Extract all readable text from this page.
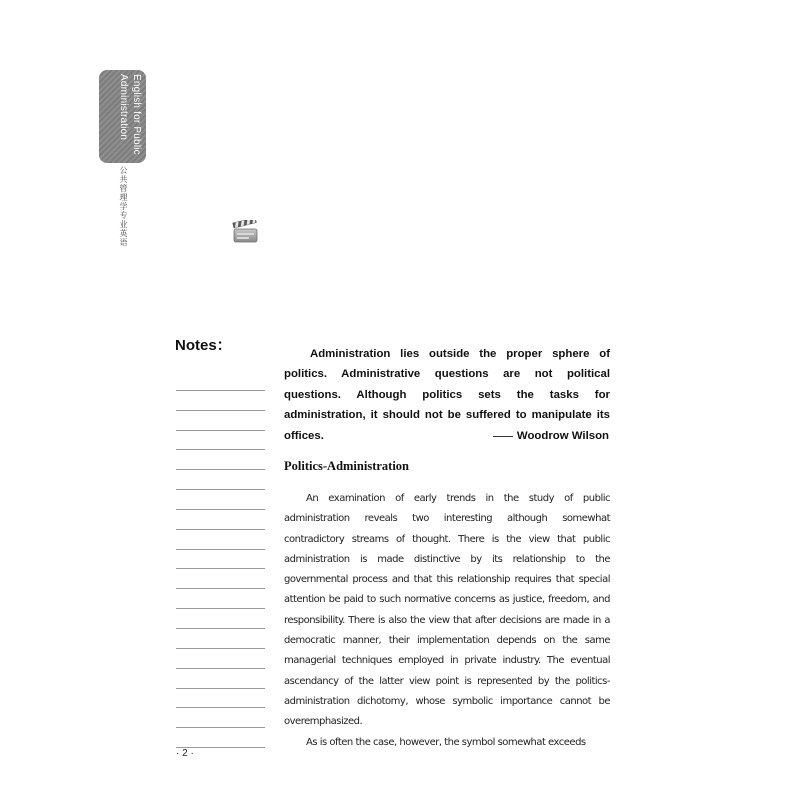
English for Public Administration
公共管理学专业英语
Notes：	Administration lies outside the proper sphere of politics. Administrative questions are not political questions. Although politics sets the tasks for administration, it should not be suffered to manipulate its offices.	Woodrow Wilson
Politics-Administration

An examination of early trends in the study of public administration reveals two interesting although somewhat contradictory streams of thought. There is the view that public administration is made distinctive by its relationship to the governmental process and that this relationship requires that special attention be paid to such normative concerns as justice, freedom, and responsibility. There is also the view that after decisions are made in a democratic manner, their implementation depends on the same managerial techniques employed in private industry. The eventual ascendancy of the latter view point is represented by the politics-administration dichotomy, whose symbolic importance cannot be overemphasized.

As is often the case, however, the symbol somewhat exceeds

· 2 ·
